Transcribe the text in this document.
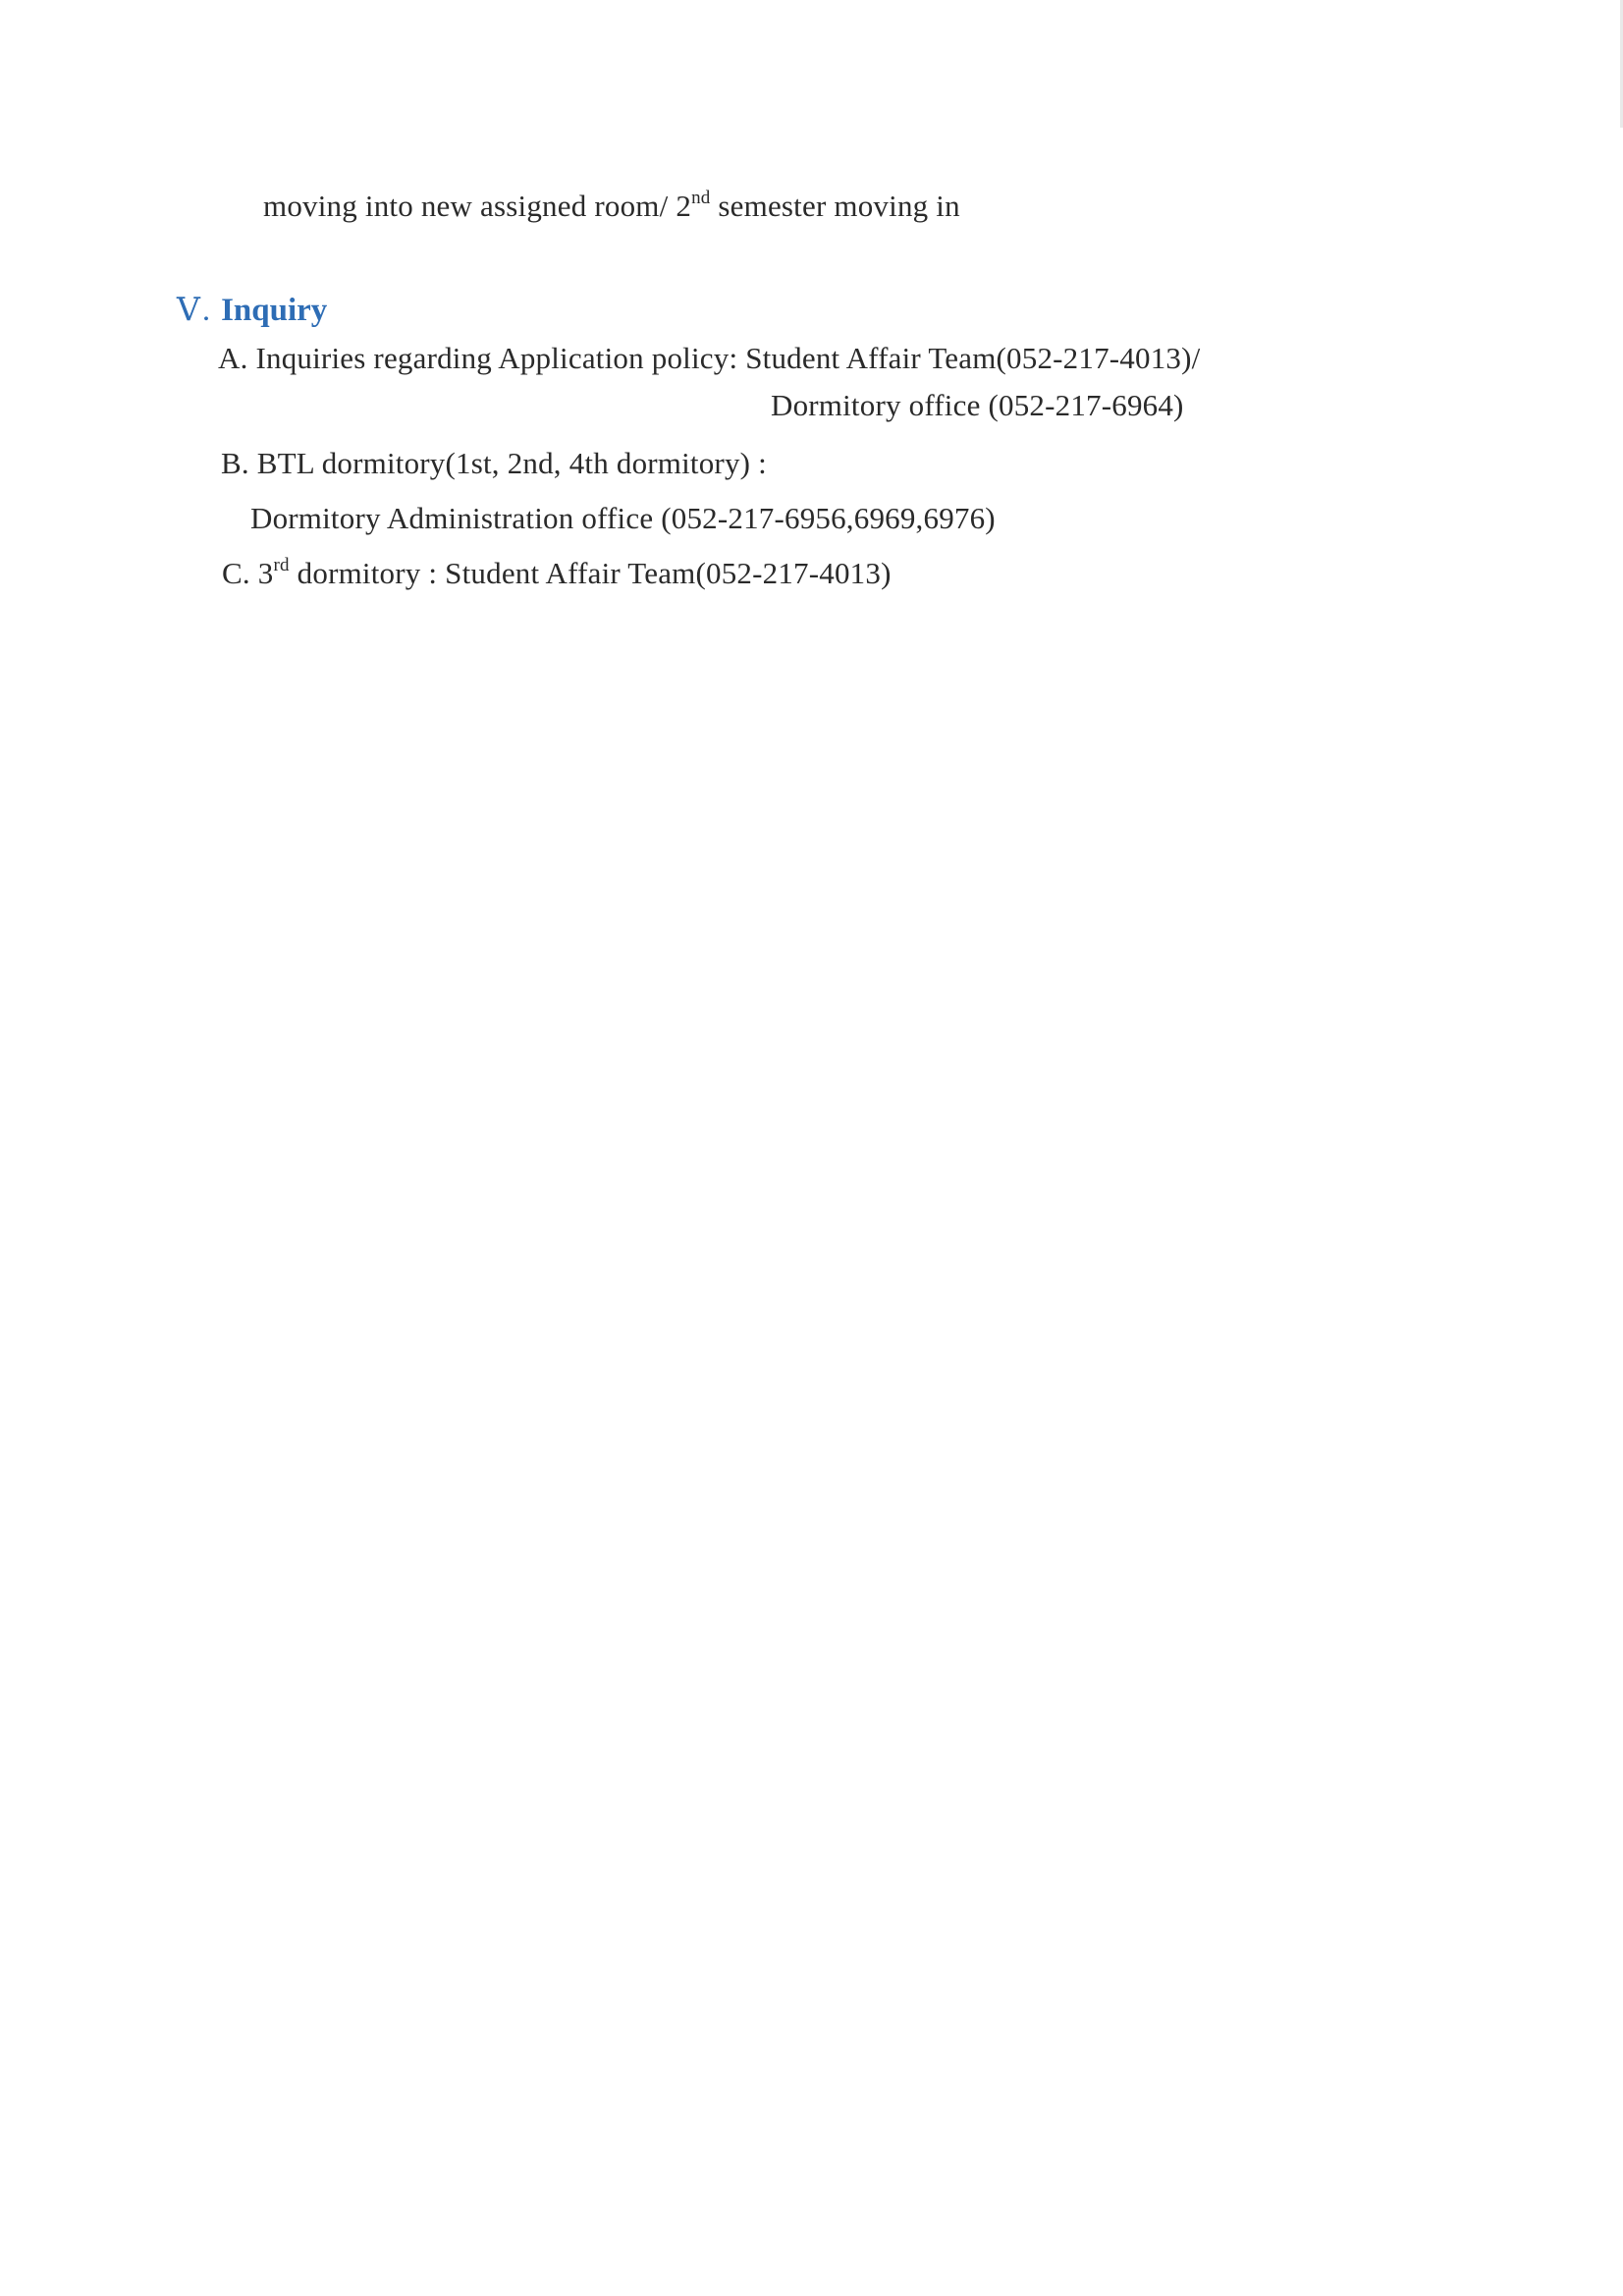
moving into new assigned room/ 2nd semester moving in
Ⅴ. Inquiry
A. Inquiries regarding Application policy: Student Affair Team(052-217-4013)/
Dormitory office (052-217-6964)
B. BTL dormitory(1st, 2nd, 4th dormitory) :
Dormitory Administration office (052-217-6956,6969,6976)
C. 3rd dormitory : Student Affair Team(052-217-4013)
